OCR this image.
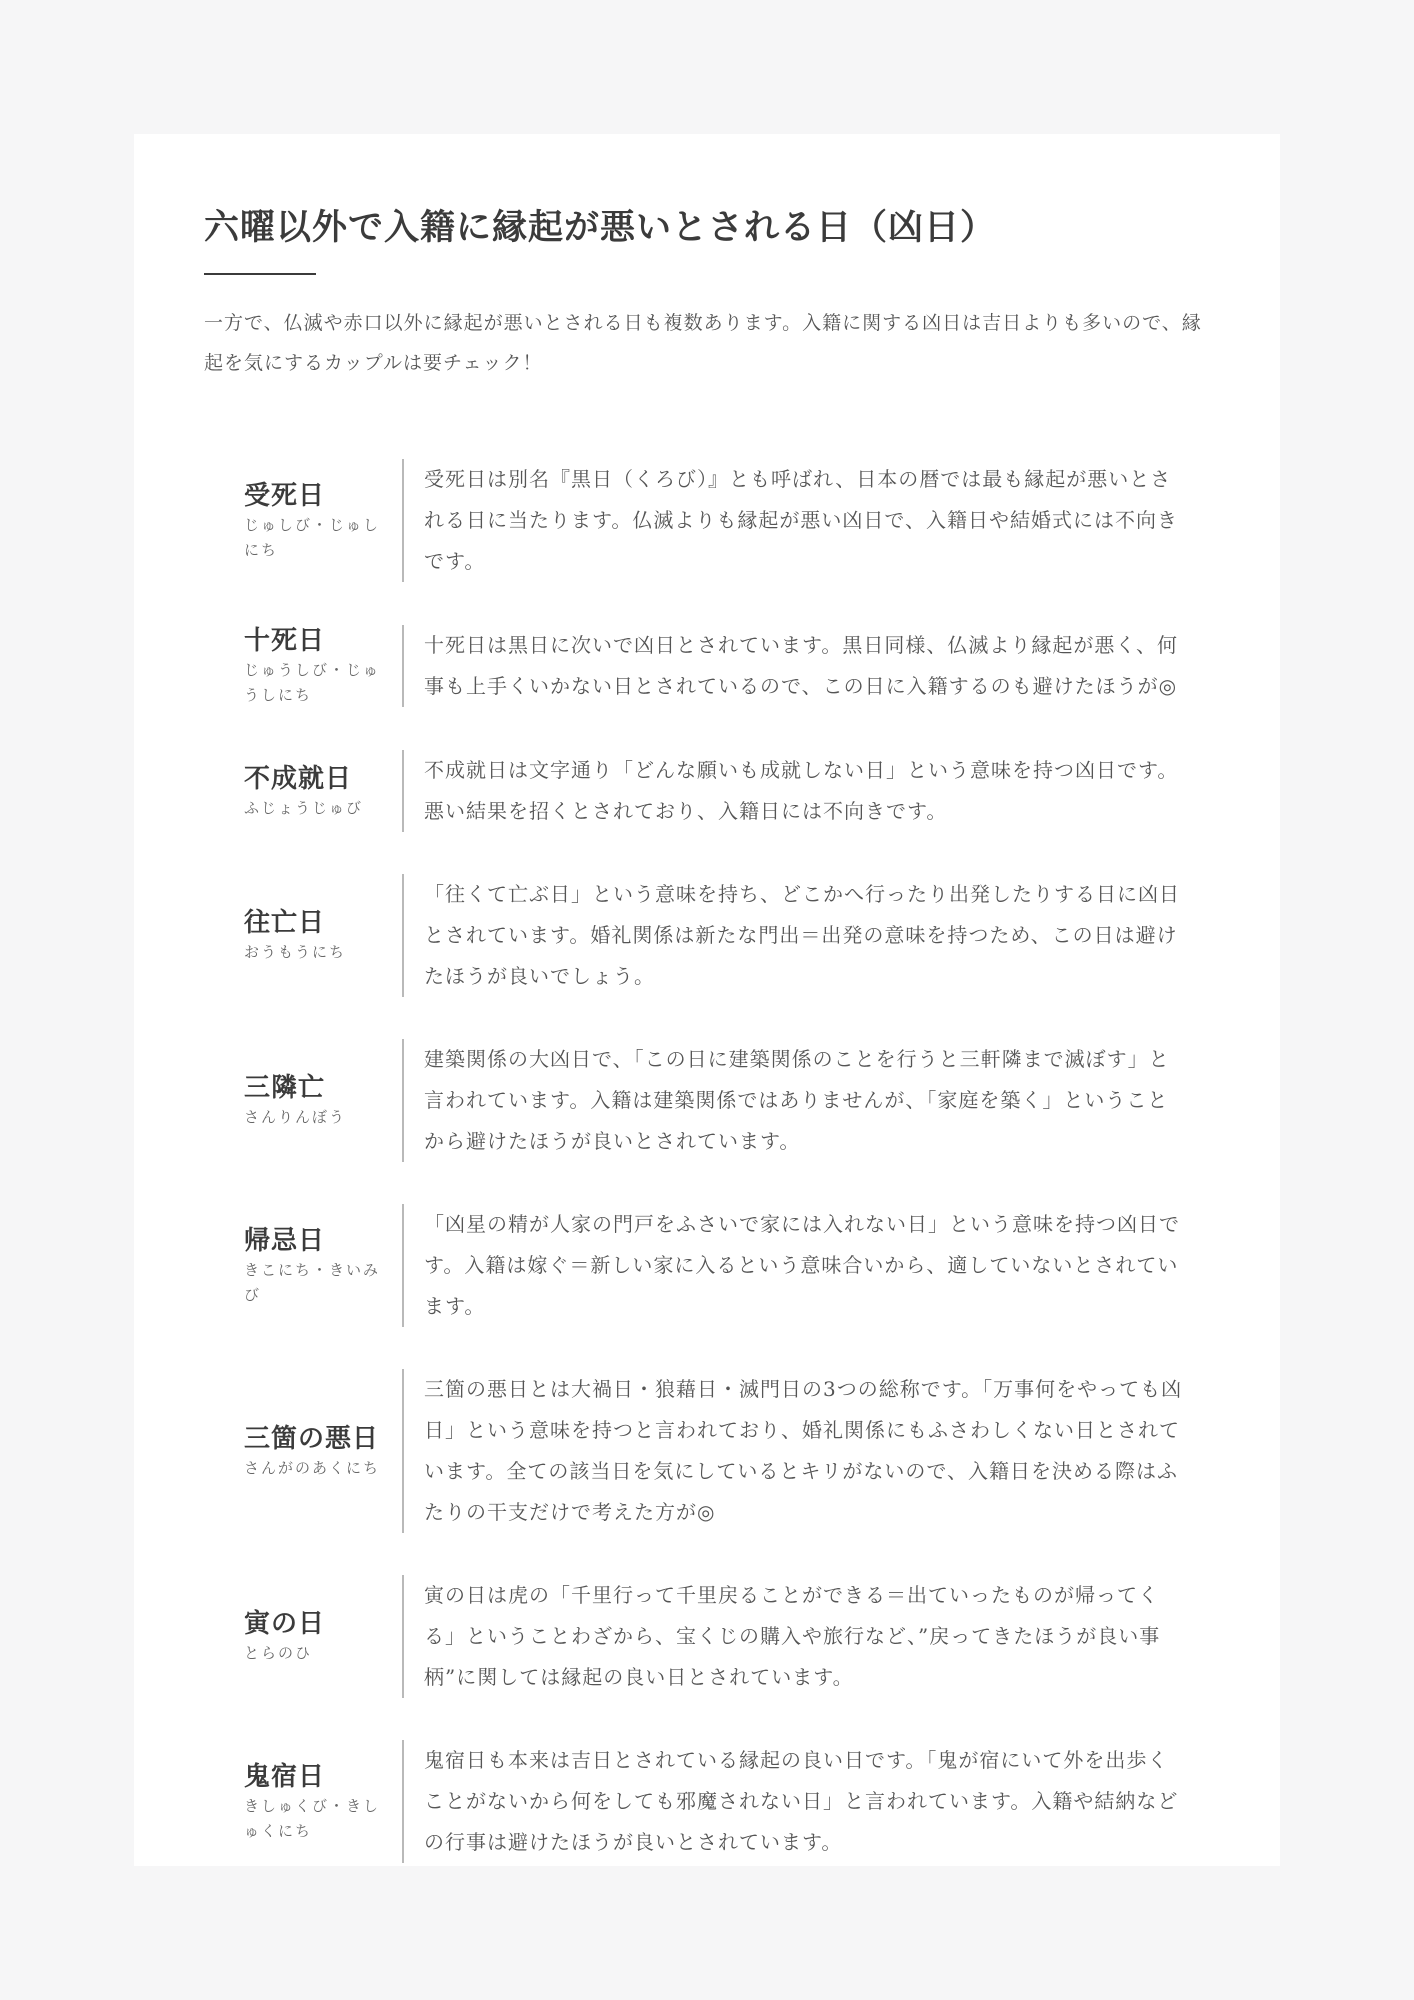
六曜以外で入籍に縁起が悪いとされる日（凶日）

一方で、仏滅や赤口以外に縁起が悪いとされる日も複数あります。入籍に関する凶日は吉日よりも多いので、縁起を気にするカップルは要チェック！

受死日
じゅしび・じゅしにち
受死日は別名『黒日（くろび）』とも呼ばれ、日本の暦では最も縁起が悪いとされる日に当たります。仏滅よりも縁起が悪い凶日で、入籍日や結婚式には不向きです。
十死日
じゅうしび・じゅうしにち
十死日は黒日に次いで凶日とされています。黒日同様、仏滅より縁起が悪く、何事も上手くいかない日とされているので、この日に入籍するのも避けたほうが◎
不成就日
ふじょうじゅび
不成就日は文字通り「どんな願いも成就しない日」という意味を持つ凶日です。悪い結果を招くとされており、入籍日には不向きです。
往亡日
おうもうにち
「往くて亡ぶ日」という意味を持ち、どこかへ行ったり出発したりする日に凶日とされています。婚礼関係は新たな門出＝出発の意味を持つため、この日は避けたほうが良いでしょう。
三隣亡
さんりんぼう
建築関係の大凶日で、「この日に建築関係のことを行うと三軒隣まで滅ぼす」と言われています。入籍は建築関係ではありませんが、「家庭を築く」ということから避けたほうが良いとされています。
帰忌日
きこにち・きいみび
「凶星の精が人家の門戸をふさいで家には入れない日」という意味を持つ凶日です。入籍は嫁ぐ＝新しい家に入るという意味合いから、適していないとされています。
三箇の悪日
さんがのあくにち
三箇の悪日とは大禍日・狼藉日・滅門日の3つの総称です。「万事何をやっても凶日」という意味を持つと言われており、婚礼関係にもふさわしくない日とされています。全ての該当日を気にしているとキリがないので、入籍日を決める際はふたりの干支だけで考えた方が◎
寅の日
とらのひ
寅の日は虎の「千里行って千里戻ることができる＝出ていったものが帰ってくる」ということわざから、宝くじの購入や旅行など、”戻ってきたほうが良い事柄”に関しては縁起の良い日とされています。
鬼宿日
きしゅくび・きしゅくにち
鬼宿日も本来は吉日とされている縁起の良い日です。「鬼が宿にいて外を出歩くことがないから何をしても邪魔されない日」と言われています。入籍や結納などの行事は避けたほうが良いとされています。
